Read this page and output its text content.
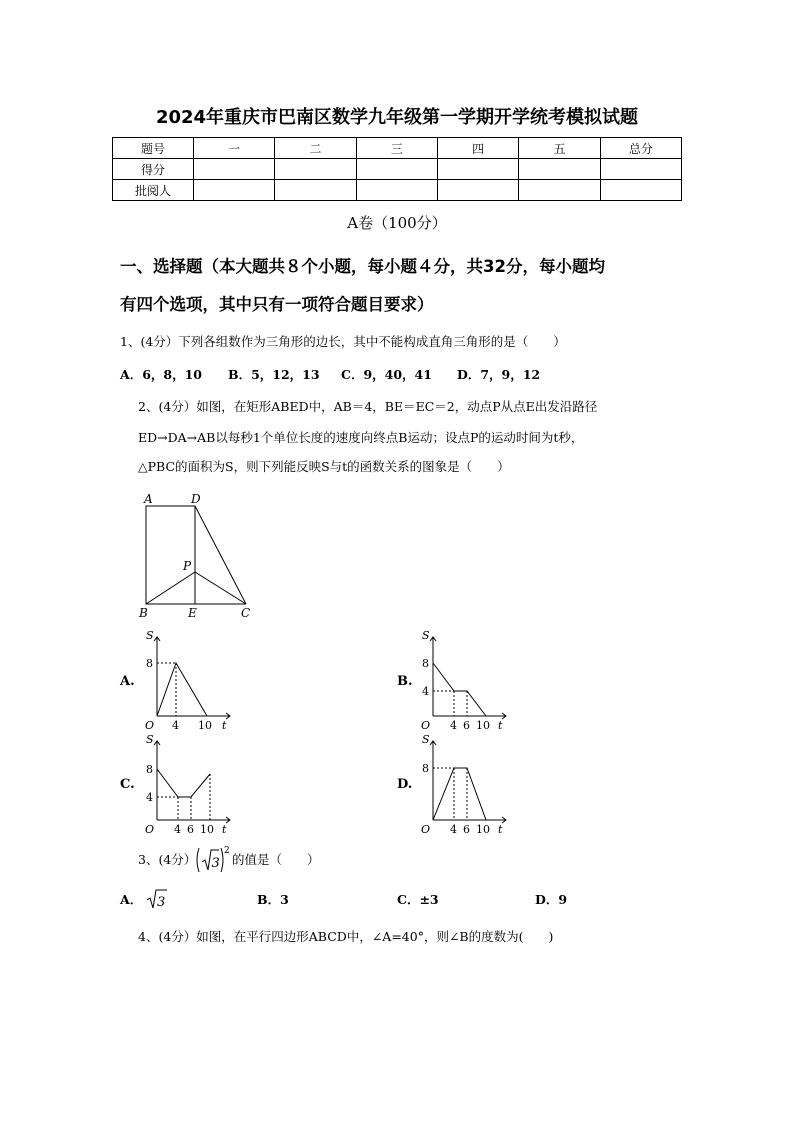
2024年重庆市巴南区数学九年级第一学期开学统考模拟试题
题号	一	二	三	四	五	总分
得分						
批阅人						
A卷（100分）
一、选择题（本大题共８个小题，每小题４分，共32分，每小题均
有四个选项，其中只有一项符合题目要求）
1、(4分）下列各组数作为三角形的边长，其中不能构成直角三角形的是（　　）
A．6，8，10 B．5，12，13 C．9，40，41 D．7，9，12
2、(4分）如图，在矩形ABED中，AB＝4，BE＝EC＝2，动点P从点E出发沿路径
ED→DA→AB以每秒1个单位长度的速度向终点B运动；设点P的运动时间为t秒，
△PBC的面积为S，则下列能反映S与t的函数关系的图象是（　　）
A	D
P
B	E	C
A.	B.
C.	D.
S
8
O 4 10 t
S
8
4
O 4 6 10 t
S
8
4
O 4 6 10 t
S
8
O 4 6 10 t
3、(4分） 3
2
的值是（　　）
A． 3	B．3	C．±3	D．9
4、(4分）如图，在平行四边形ABCD中，∠A=40°，则∠B的度数为(　　)
